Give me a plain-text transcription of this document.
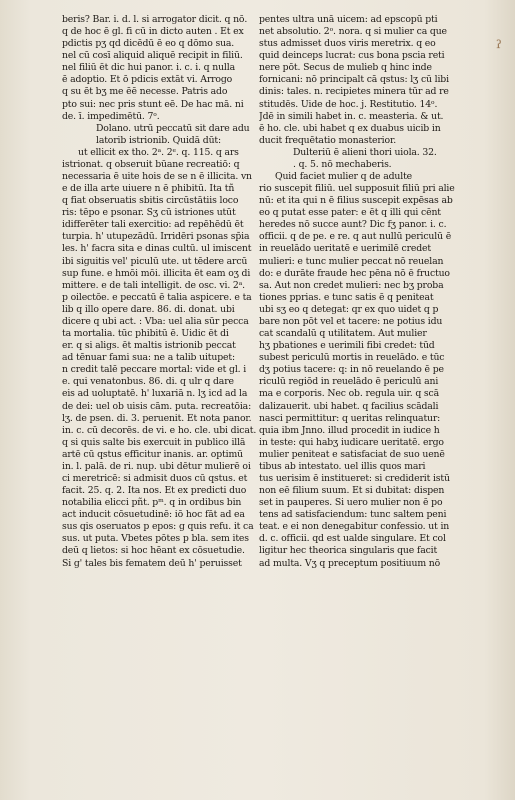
ˀ
beris? Bar. i. d. l. si arrogator dicit. q nō.
q de hoc ē gl. fi cū in dicto auten . Et ex
pdictis pʒ qd dicēdū ē eo q dōmo sua.
nel cū cosī aliquid aliquē recipit in filiū.
nel filiū ēt dic hui panor. i. c. i. q nulla
ē adoptio. Et ō pdicis extāt vi. Arrogo
q su ēt bʒ me ēē necesse. Patris ado
pto sui: nec pris stunt eē. De hac mā. ni
de. ī. impedimētū. 7ᵒ.
Dolano. utrū peccatū sit dare adu
latorib istrionib. Quidā dūt:
ut ellicit ex tho. 2ᵃ. 2ᵉ. q. 115. q ars
istrionat. q obseruit būane recreatiō: q
necessaria ē uite hois de se n ē illicita. vn
e de illa arte uiuere n ē phibitū. Ita tñ
q fiat obseruatis sbitis circūstātiis loco
ris: tēpo e psonar. Sʒ cū istriones utūt
idifferēter tali exercitio: ad repēhēdū ēt
turpia. h' utupezādū. Irridēri psonas sp̄ia
les. h' facra sita e dinas cultū. ul imiscent
ibi siguitis vel' piculū ute. ut tēdere arcū
sup fune. e hmōi mōi. illicita ēt eam oʒ di
mittere. e de tali intelligit. de osc. vi. 2ᵃ.
p oilectōe. e peccatū ē talia aspicere. e ta
lib q illo opere dare. 86. di. donat. ubi
dicere q ubi act. : Vba: uel alia sūr pecca
ta mortalia. tūc phibitū ē. Uidic ēt di
er. q si aligs. ēt maltis istrionib peccat
ad tēnuar fami sua: ne a talib uitupet:
n credit talē peccare mortal: vide et gl. i
e. qui venatonbus. 86. di. q ulr q dare
eis ad uoluptatē. h' luxariā n. lʒ icd ad la
de dei: uel ob uisis cām. puta. recreatōia:
lʒ. de psen. di. 3. peruenit. Et nota panor.
in. c. cū decorēs. de vi. e ho. cle. ubi dicat.
q si quis salte bis exercuit in publico illā
artē cū qstus efficitur inanis. ar. optimū
in. l. palā. de ri. nup. ubi dētur mulierē oi
ci meretricē: si admisit duos cū qstus. et
facit. 25. q. 2. Ita nos. Et ex predicti duo
notabilia elicci pñt. pᵐ. q in ordibus bin
act inducit cōsuetudinē: iō hoc fāt ad ea
sus qis oseruatos p epos: g quis refu. it ca
sus. ut puta. Vbetes pōtes p bla. sem ites
deū q lietos: si hoc hēant ex cōsuetudie.
Si g' tales bis fematem deū h' peruisset
pentes ultra unā uicem: ad epscopū pti
net absolutio. 2ᵒ. nora. q si mulier ca que
stus admisset duos viris meretrix. q eo
quid deinceps lucrat: cus bona pscia reti
nere pōt. Secus de mulieb q hinc inde
fornicani: nō principalt cā qstus: lʒ cū libi
dinis: tales. n. recipietes minera tūr ad re
stitudēs. Uide de hoc. j. Restitutio. 14ᵒ.
Jdē in simili habet in. c. measteria. & ut.
ē ho. cle. ubi habet q ex duabus uicib in
ducit frequētatio monasterior.
Dulteriū ē alieni thori uiola. 32.
. q. 5. nō mechaberis.
Quid faciet mulier q de adulte
rio suscepit filiū. uel supposuit filiū pri alie
nū: et ita qui n ē filius suscepit expēsas ab
eo q putat esse pater: e ēt q illi qui cēnt
heredes nō succe aunt? Dic fʒ panor. i. c.
officii. q de pe. e re. q aut nullū periculū ē
in reuelādo ueritatē e uerimilē credet
mulieri: e tunc mulier peccat nō reuelan
do: e durāte fraude hec pēna nō ē fructuo
sa. Aut non credet mulieri: nec bʒ proba
tiones pprias. e tunc satis ē q peniteat
ubi sʒ eo q detegat: qr ex quo uidet q p
bare non pōt vel et tacere: ne potius idu
cat scandalū q utilitatem. Aut mulier
hʒ pbationes e uerimili fibi credet: tūd
subest periculū mortis in reuelādo. e tūc
dʒ potius tacere: q: in nō reuelando ē pe
riculū regiōd in reuelādo ē periculū ani
ma e corporis. Nec ob. regula uir. q scā
dalizauerit. ubi habet. q facilius scādali
nasci permittitur: q ueritas relinquatur:
quia ibm Jnno. illud procedit in iudice h
in teste: qui habʒ iudicare ueritatē. ergo
mulier peniteat e satisfaciat de suo uenē
tibus ab intestato. uel illis quos mari
tus uerisim ē institueret: si crediderit istū
non eē filium suum. Et si dubitat: dispen
set in pauperes. Si uero mulier non ē po
tens ad satisfaciendum: tunc saltem peni
teat. e ei non denegabitur confessio. ut in
d. c. officii. qd est ualde singulare. Et col
ligitur hec theorica singularis que facit
ad multa. Vʒ q preceptum positiuum nō
